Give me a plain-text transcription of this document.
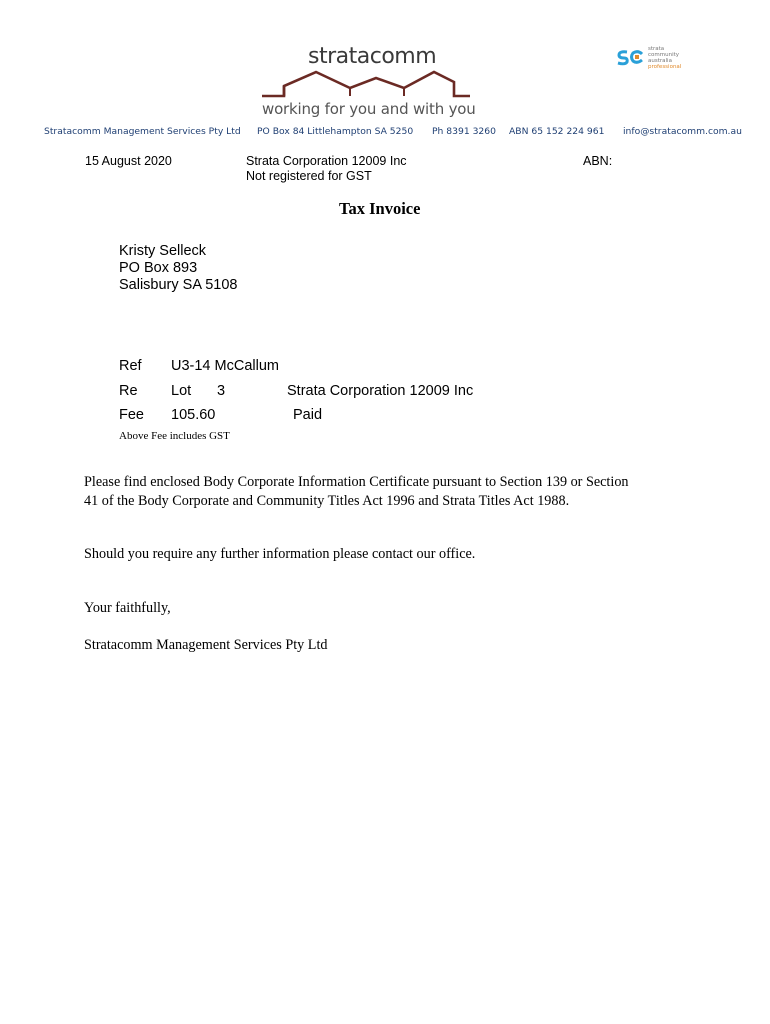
stratacomm
working for you and with you
strata
community
australia
professional
Stratacomm Management Services Pty Ltd PO Box 84 Littlehampton SA 5250 Ph 8391 3260 ABN 65 152 224 961 info@stratacomm.com.au
15 August 2020	Strata Corporation 12009 Inc
Not registered for GST
ABN:
Tax Invoice
Kristy Selleck
PO Box 893
Salisbury SA 5108
Ref U3-14 McCallum
Re Lot 3	Strata Corporation 12009 Inc
Fee 105.60	Paid
Above Fee includes GST
Please find enclosed Body Corporate Information Certificate pursuant to Section 139 or Section 41 of the Body Corporate and Community Titles Act 1996 and Strata Titles Act 1988.
Should you require any further information please contact our office.
Your faithfully,
Stratacomm Management Services Pty Ltd
